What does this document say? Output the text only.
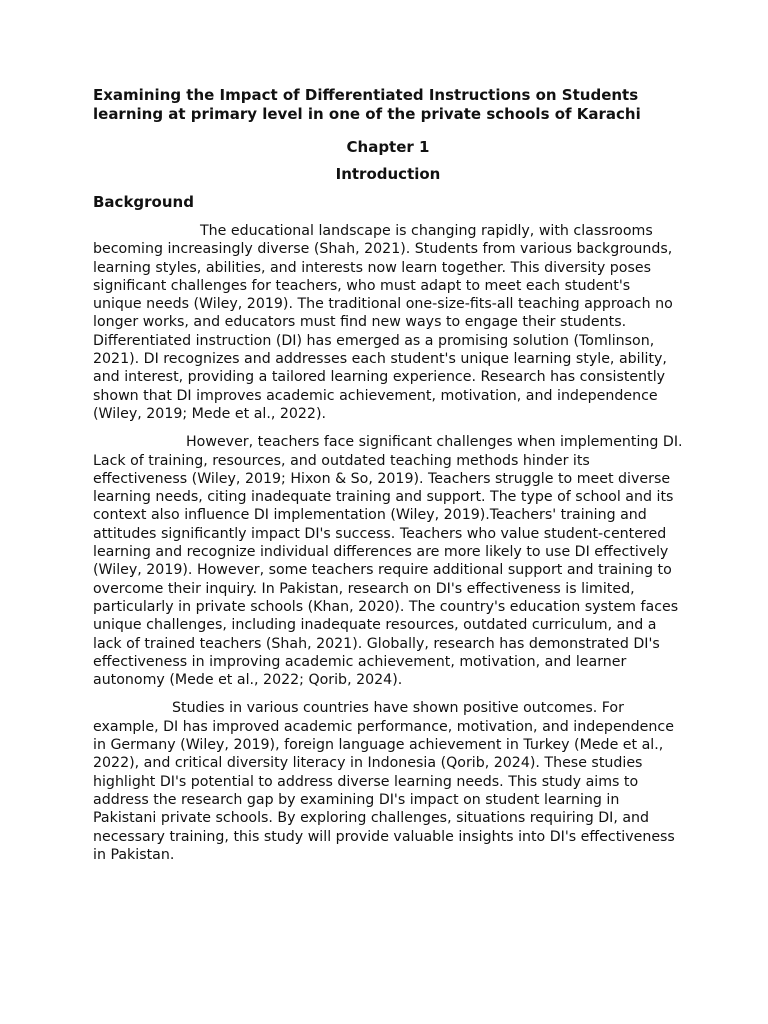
Examining the Impact of Differentiated Instructions on Students learning at primary level in one of the private schools of Karachi

Chapter 1

Introduction

Background

The educational landscape is changing rapidly, with classrooms becoming increasingly diverse (Shah, 2021). Students from various backgrounds, learning styles, abilities, and interests now learn together. This diversity poses significant challenges for teachers, who must adapt to meet each student's unique needs (Wiley, 2019). The traditional one-size-fits-all teaching approach no longer works, and educators must find new ways to engage their students. Differentiated instruction (DI) has emerged as a promising solution (Tomlinson, 2021). DI recognizes and addresses each student's unique learning style, ability, and interest, providing a tailored learning experience. Research has consistently shown that DI improves academic achievement, motivation, and independence (Wiley, 2019; Mede et al., 2022).

However, teachers face significant challenges when implementing DI. Lack of training, resources, and outdated teaching methods hinder its effectiveness (Wiley, 2019; Hixon & So, 2019). Teachers struggle to meet diverse learning needs, citing inadequate training and support. The type of school and its context also influence DI implementation (Wiley, 2019).Teachers' training and attitudes significantly impact DI's success. Teachers who value student-centered learning and recognize individual differences are more likely to use DI effectively (Wiley, 2019). However, some teachers require additional support and training to overcome their inquiry. In Pakistan, research on DI's effectiveness is limited, particularly in private schools (Khan, 2020). The country's education system faces unique challenges, including inadequate resources, outdated curriculum, and a lack of trained teachers (Shah, 2021). Globally, research has demonstrated DI's effectiveness in improving academic achievement, motivation, and learner autonomy (Mede et al., 2022; Qorib, 2024).

Studies in various countries have shown positive outcomes. For example, DI has improved academic performance, motivation, and independence in Germany (Wiley, 2019), foreign language achievement in Turkey (Mede et al., 2022), and critical diversity literacy in Indonesia (Qorib, 2024). These studies highlight DI's potential to address diverse learning needs. This study aims to address the research gap by examining DI's impact on student learning in Pakistani private schools. By exploring challenges, situations requiring DI, and necessary training, this study will provide valuable insights into DI's effectiveness in Pakistan.
